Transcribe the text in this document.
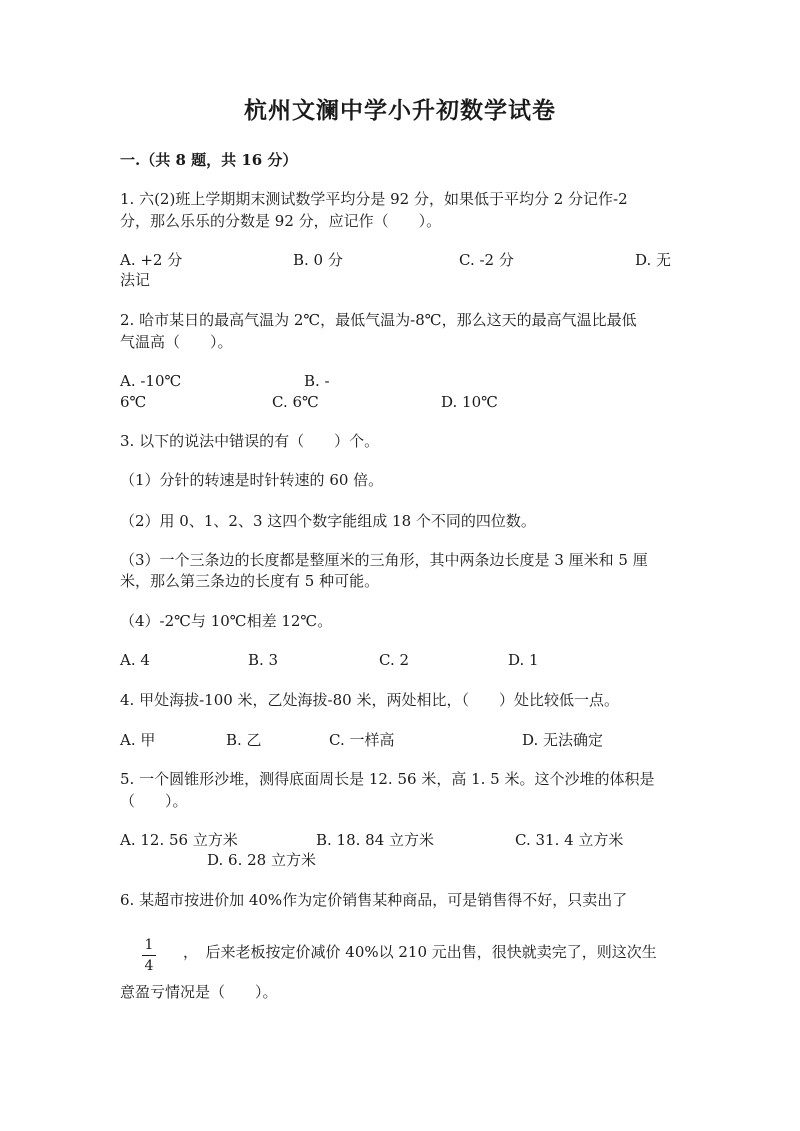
杭州文澜中学小升初数学试卷
一.（共 8 题，共 16 分）
1. 六(2)班上学期期末测试数学平均分是 92 分，如果低于平均分 2 分记作-2
分，那么乐乐的分数是 92 分，应记作（　　）。
A. +2 分	B. 0 分	C. -2 分	D. 无
法记
2. 哈市某日的最高气温为 2℃，最低气温为-8℃，那么这天的最高气温比最低
气温高（　　）。
A. -10℃	B. -
6℃	C. 6℃	D. 10℃
3. 以下的说法中错误的有（　　）个。
（1）分针的转速是时针转速的 60 倍。
（2）用 0、1、2、3 这四个数字能组成 18 个不同的四位数。
（3）一个三条边的长度都是整厘米的三角形，其中两条边长度是 3 厘米和 5 厘
米，那么第三条边的长度有 5 种可能。
（4）-2℃与 10℃相差 12℃。
A. 4	B. 3	C. 2	D. 1
4. 甲处海拔-100 米，乙处海拔-80 米，两处相比，（　　）处比较低一点。
A. 甲	B. 乙	C. 一样高	D. 无法确定
5. 一个圆锥形沙堆，测得底面周长是 12. 56 米，高 1. 5 米。这个沙堆的体积是
（　　）。
A. 12. 56 立方米	B. 18. 84 立方米	C. 31. 4 立方米
D. 6. 28 立方米
6. 某超市按进价加 40%作为定价销售某种商品，可是销售得不好，只卖出了
1
4
，　后来老板按定价减价 40%以 210 元出售，很快就卖完了，则这次生
意盈亏情况是（　　）。
